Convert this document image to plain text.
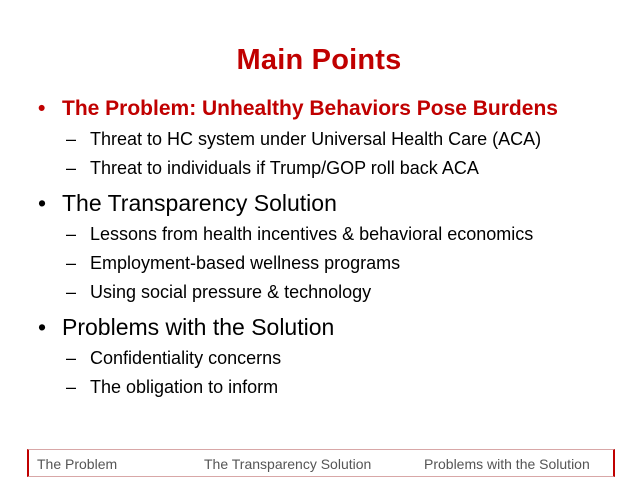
Main Points
• The Problem: Unhealthy Behaviors Pose Burdens
– Threat to HC system under Universal Health Care (ACA)
– Threat to individuals if Trump/GOP roll back ACA
• The Transparency Solution
– Lessons from health incentives & behavioral economics
– Employment-based wellness programs
– Using social pressure & technology
• Problems with the Solution
– Confidentiality concerns
– The obligation to inform
The Problem	The Transparency Solution	Problems with the Solution
